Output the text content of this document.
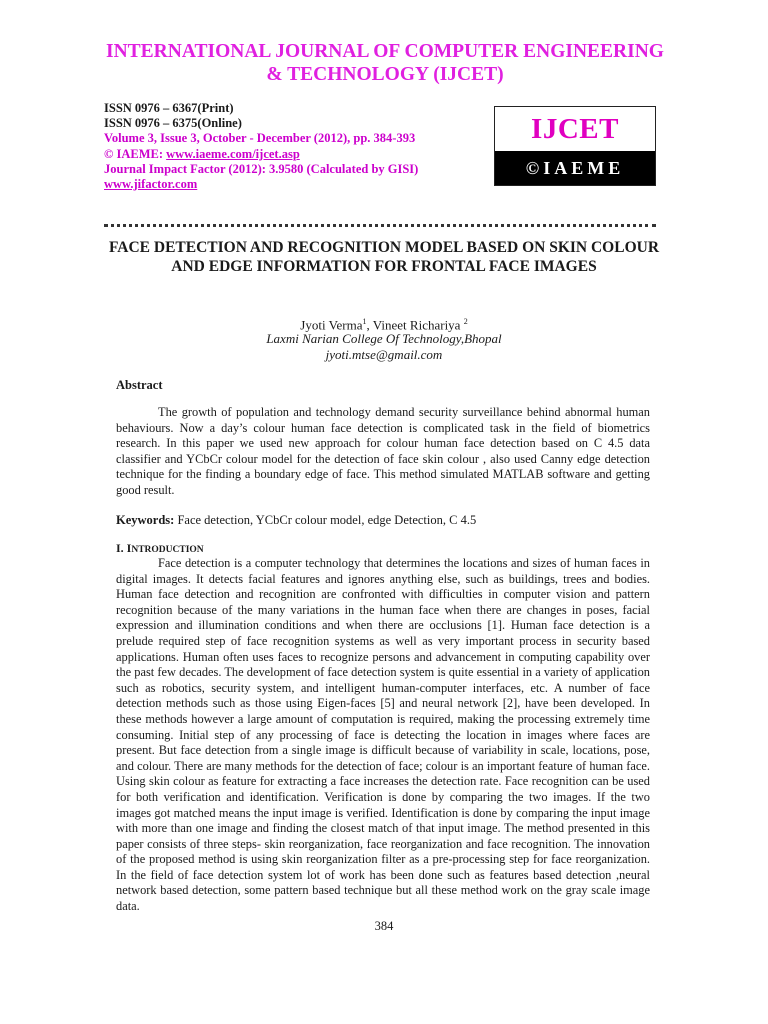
INTERNATIONAL JOURNAL OF COMPUTER ENGINEERING
& TECHNOLOGY (IJCET)
ISSN 0976 – 6367(Print)
ISSN 0976 – 6375(Online)
Volume 3, Issue 3, October - December (2012), pp. 384-393
© IAEME: www.iaeme.com/ijcet.asp
Journal Impact Factor (2012): 3.9580 (Calculated by GISI)
www.jifactor.com
IJCET
©IAEME
FACE DETECTION AND RECOGNITION MODEL BASED ON SKIN COLOUR AND EDGE INFORMATION FOR FRONTAL FACE IMAGES
Jyoti Verma$^1$, Vineet Richariya $^2$
Laxmi Narian College Of Technology,Bhopal
jyoti.mtse@gmail.com
Abstract
The growth of population and technology demand security surveillance behind abnormal human behaviours. Now a day’s colour human face detection is complicated task in the field of biometrics research. In this paper we used new approach for colour human face detection based on C 4.5 data classifier and YCbCr colour model for the detection of face skin colour , also used Canny edge detection technique for the finding a boundary edge of face. This method simulated MATLAB software and getting good result.
Keywords: Face detection, YCbCr colour model, edge Detection, C 4.5
I. INTRODUCTION
Face detection is a computer technology that determines the locations and sizes of human faces in digital images. It detects facial features and ignores anything else, such as buildings, trees and bodies. Human face detection and recognition are confronted with difficulties in computer vision and pattern recognition because of the many variations in the human face when there are changes in poses, facial expression and illumination conditions and when there are occlusions [1]. Human face detection is a prelude required step of face recognition systems as well as very important process in security based applications. Human often uses faces to recognize persons and advancement in computing capability over the past few decades. The development of face detection system is quite essential in a variety of application such as robotics, security system, and intelligent human-computer interfaces, etc. A number of face detection methods such as those using Eigen-faces [5] and neural network [2], have been developed. In these methods however a large amount of computation is required, making the processing extremely time consuming. Initial step of any processing of face is detecting the location in images where faces are present. But face detection from a single image is difficult because of variability in scale, locations, pose, and colour. There are many methods for the detection of face; colour is an important feature of human face. Using skin colour as feature for extracting a face increases the detection rate. Face recognition can be used for both verification and identification. Verification is done by comparing the two images. If the two images got matched means the input image is verified. Identification is done by comparing the input image with more than one image and finding the closest match of that input image. The method presented in this paper consists of three steps- skin reorganization, face reorganization and face recognition. The innovation of the proposed method is using skin reorganization filter as a pre-processing step for face reorganization. In the field of face detection system lot of work has been done such as features based detection ,neural network based detection, some pattern based technique but all these method work on the gray scale image data.
384
